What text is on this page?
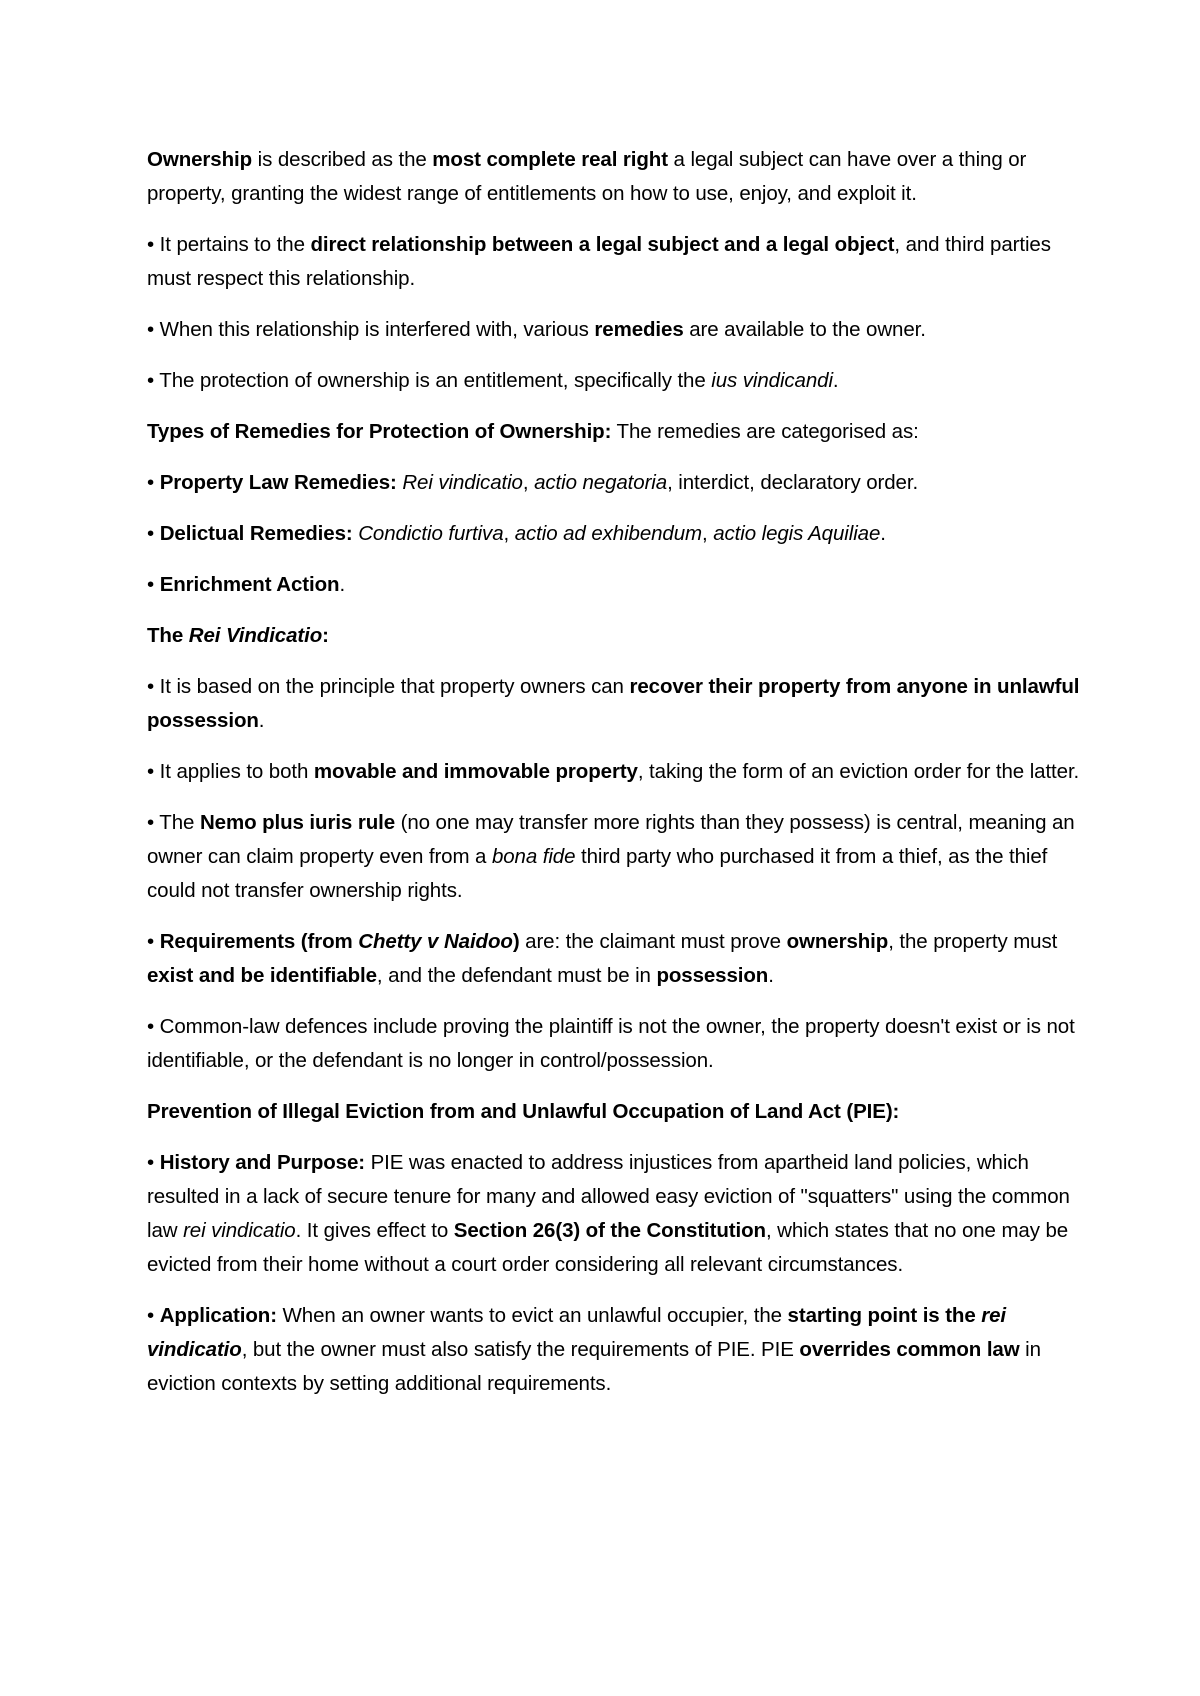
Ownership is described as the most complete real right a legal subject can have over a thing or property, granting the widest range of entitlements on how to use, enjoy, and exploit it.

• It pertains to the direct relationship between a legal subject and a legal object, and third parties must respect this relationship.

• When this relationship is interfered with, various remedies are available to the owner.

• The protection of ownership is an entitlement, specifically the ius vindicandi.

Types of Remedies for Protection of Ownership: The remedies are categorised as:

• Property Law Remedies: Rei vindicatio, actio negatoria, interdict, declaratory order.

• Delictual Remedies: Condictio furtiva, actio ad exhibendum, actio legis Aquiliae.

• Enrichment Action.

The Rei Vindicatio:

• It is based on the principle that property owners can recover their property from anyone in unlawful possession.

• It applies to both movable and immovable property, taking the form of an eviction order for the latter.

• The Nemo plus iuris rule (no one may transfer more rights than they possess) is central, meaning an owner can claim property even from a bona fide third party who purchased it from a thief, as the thief could not transfer ownership rights.

• Requirements (from Chetty v Naidoo) are: the claimant must prove ownership, the property must exist and be identifiable, and the defendant must be in possession.

• Common-law defences include proving the plaintiff is not the owner, the property doesn't exist or is not identifiable, or the defendant is no longer in control/possession.

Prevention of Illegal Eviction from and Unlawful Occupation of Land Act (PIE):

• History and Purpose: PIE was enacted to address injustices from apartheid land policies, which resulted in a lack of secure tenure for many and allowed easy eviction of "squatters" using the common law rei vindicatio. It gives effect to Section 26(3) of the Constitution, which states that no one may be evicted from their home without a court order considering all relevant circumstances.

• Application: When an owner wants to evict an unlawful occupier, the starting point is the rei vindicatio, but the owner must also satisfy the requirements of PIE. PIE overrides common law in eviction contexts by setting additional requirements.
